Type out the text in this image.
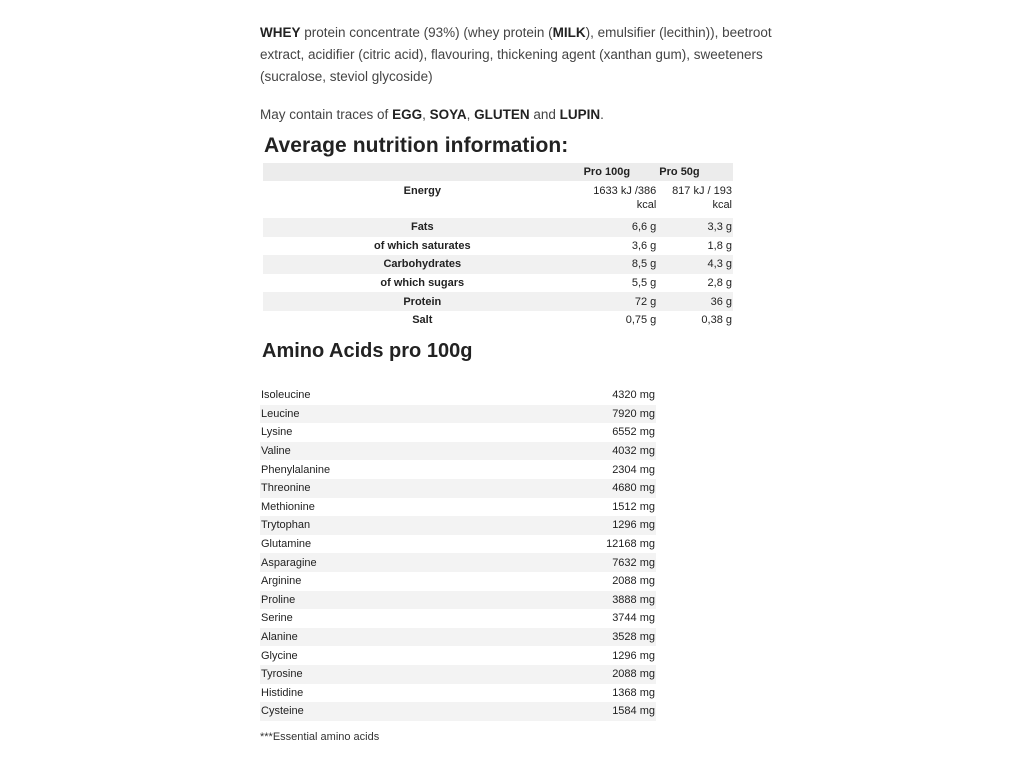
WHEY protein concentrate (93%) (whey protein (MILK), emulsifier (lecithin)), beetroot extract, acidifier (citric acid), flavouring, thickening agent (xanthan gum), sweeteners (sucralose, steviol glycoside)

May contain traces of EGG, SOYA, GLUTEN and LUPIN.

Average nutrition information:
	Pro 100g	Pro 50g
Energy	1633 kJ /386 kcal	817 kJ / 193 kcal
Fats	6,6 g	3,3 g
of which saturates	3,6 g	1,8 g
Carbohydrates	8,5 g	4,3 g
of which sugars	5,5 g	2,8 g
Protein	72 g	36 g
Salt	0,75 g	0,38 g
Amino Acids pro 100g
Isoleucine	4320 mg
Leucine	7920 mg
Lysine	6552 mg
Valine	4032 mg
Phenylalanine	2304 mg
Threonine	4680 mg
Methionine	1512 mg
Trytophan	1296 mg
Glutamine	12168 mg
Asparagine	7632 mg
Arginine	2088 mg
Proline	3888 mg
Serine	3744 mg
Alanine	3528 mg
Glycine	1296 mg
Tyrosine	2088 mg
Histidine	1368 mg
Cysteine	1584 mg
***Essential amino acids
